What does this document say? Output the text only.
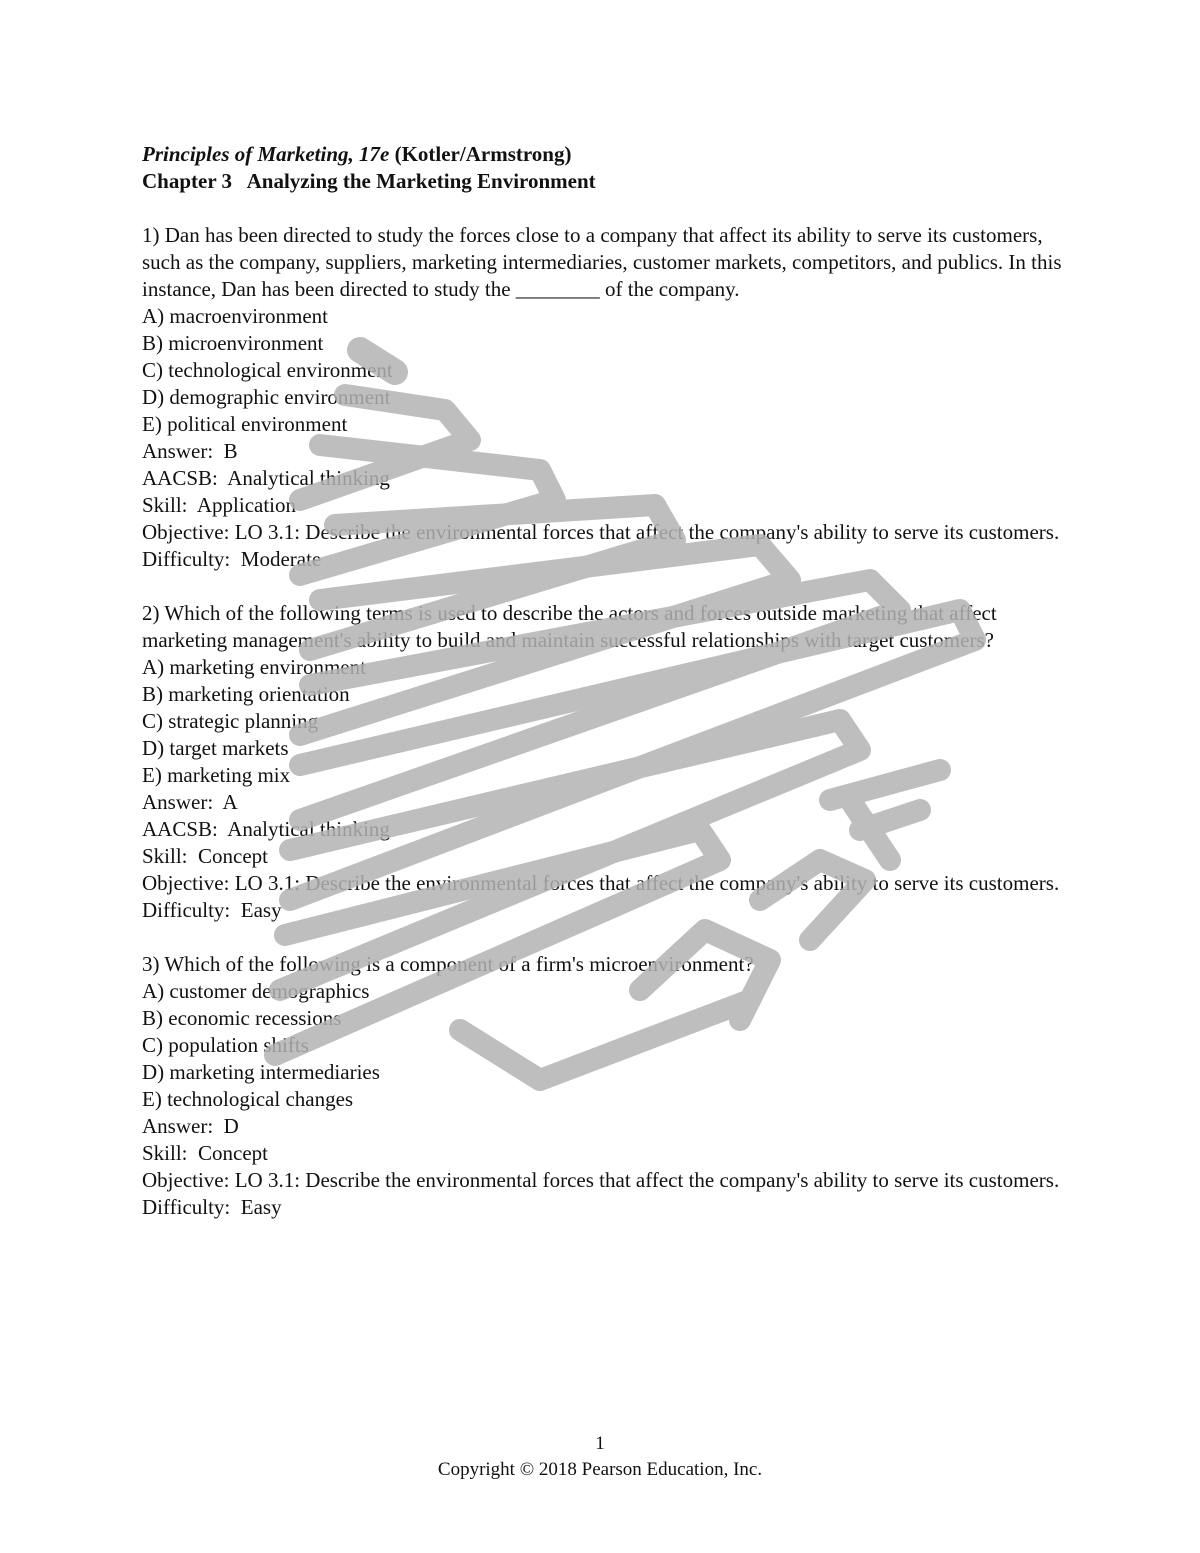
Principles of Marketing, 17e (Kotler/Armstrong)
Chapter 3   Analyzing the Marketing Environment
1) Dan has been directed to study the forces close to a company that affect its ability to serve its customers, such as the company, suppliers, marketing intermediaries, customer markets, competitors, and publics. In this instance, Dan has been directed to study the ________ of the company.
A) macroenvironment
B) microenvironment
C) technological environment
D) demographic environment
E) political environment
Answer:  B
AACSB:  Analytical thinking
Skill:  Application
Objective: LO 3.1: Describe the environmental forces that affect the company's ability to serve its customers.
Difficulty:  Moderate
2) Which of the following terms is used to describe the actors and forces outside marketing that affect marketing management's ability to build and maintain successful relationships with target customers?
A) marketing environment
B) marketing orientation
C) strategic planning
D) target markets
E) marketing mix
Answer:  A
AACSB:  Analytical thinking
Skill:  Concept
Objective: LO 3.1: Describe the environmental forces that affect the company's ability to serve its customers.
Difficulty:  Easy
3) Which of the following is a component of a firm's microenvironment?
A) customer demographics
B) economic recessions
C) population shifts
D) marketing intermediaries
E) technological changes
Answer:  D
Skill:  Concept
Objective: LO 3.1: Describe the environmental forces that affect the company's ability to serve its customers.
Difficulty:  Easy
1
Copyright © 2018 Pearson Education, Inc.
